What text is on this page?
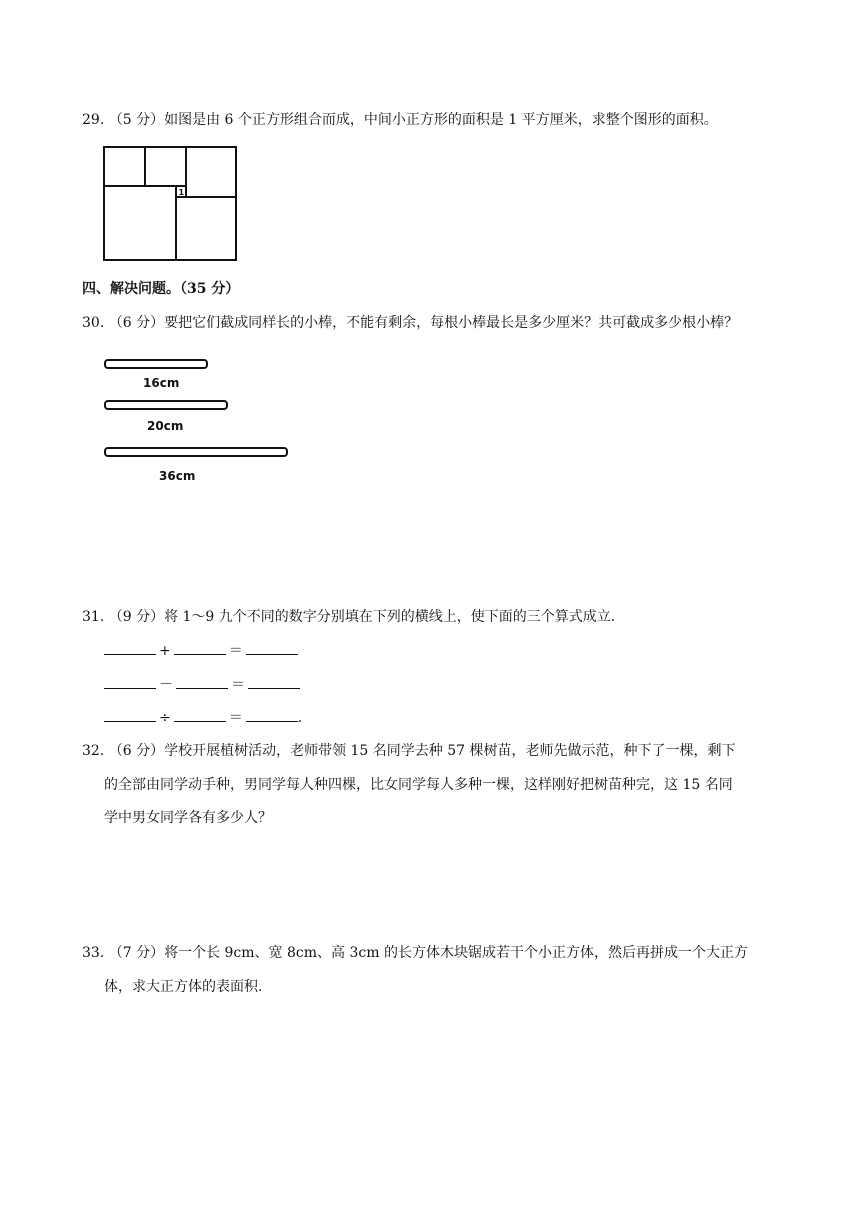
29. （5 分）如图是由 6 个正方形组合而成，中间小正方形的面积是 1 平方厘米，求整个图形的面积。
1
四、解决问题。（35 分）
30. （6 分）要把它们截成同样长的小棒，不能有剩余，每根小棒最长是多少厘米？共可截成多少根小棒？
16cm
20cm
36cm
31. （9 分）将 1～9 九个不同的数字分别填在下列的横线上，使下面的三个算式成立.
+	＝
－	＝
÷	＝	.
32. （6 分）学校开展植树活动，老师带领 15 名同学去种 57 棵树苗，老师先做示范，种下了一棵，剩下
的全部由同学动手种，男同学每人种四棵，比女同学每人多种一棵，这样刚好把树苗种完，这 15 名同
学中男女同学各有多少人？
33. （7 分）将一个长 9cm、宽 8cm、高 3cm 的长方体木块锯成若干个小正方体，然后再拼成一个大正方
体，求大正方体的表面积.
